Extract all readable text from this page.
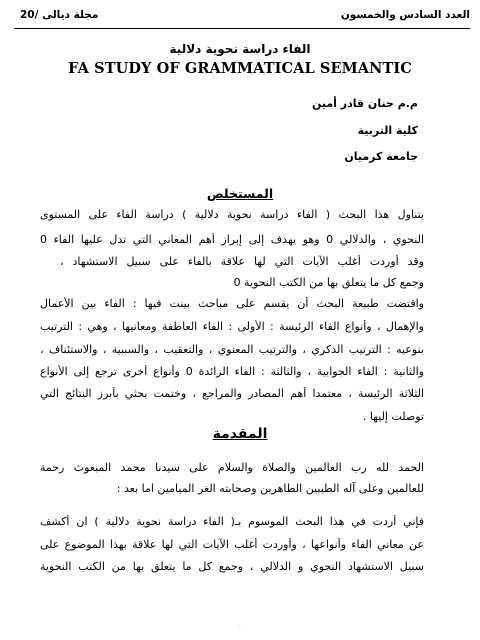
العدد السادس والخمسون
مجلة ديالى /20
الفاء دراسة نحوية دلالية
FA STUDY OF GRAMMATICAL SEMANTIC
م.م حنان قادر أمين
كلية التربية
جامعة كرميان
المستخلص
يتناول هذا البحث ( الفاء دراسة نحوية دلالية ) دراسة الفاء على المستوى
النحوي ، والدلالي 0 وهو يهدف إلى إبراز أهم المعاني التي تدل عليها الفاء 0
وقد أوردت أغلب الآيات التي لها علاقة بالفاء على سبيل الاستشهاد ،
وجمع كل ما يتعلق بها من الكتب النحوية 0
واقتضت طبيعة البحث أن يقسم على مباحث بينت فيها : الفاء بين الأعمال
والإهمال ، وأنواع الفاء الرئيسة : الأولى : الفاء العاطفة ومعانيها ، وهي : الترتيب
بنوعيه : الترتيب الذكري ، والترتيب المعنوي ، والتعقيب ، والسببية ، والاستئناف ،
والثانية : الفاء الجوابية ، والثالثة : الفاء الزائدة 0 وأنواع أخرى ترجع إلى الأنواع
الثلاثة الرئيسة ، معتمدا أهم المصادر والمراجع ، وختمت بحثي بأبرز النتائج التي
توصلت إليها .
المقدمة
الحمد لله رب العالمين والصلاة والسلام على سيدنا محمد المبعوث رحمة
للعالمين وعلى آله الطيبين الطاهرين وصحابته الغر الميامين اما بعد :
فإني أردت في هذا البحث الموسوم بـ( الفاء دراسة نحوية دلالية ) ان أكشف
عن معاني الفاء وأنواعها ، وأوردت أغلب الآيات التي لها علاقة بهذا الموضوع على
سبيل الاستشهاد النحوي و الدلالي ، وجمع كل ما يتعلق بها من الكتب النحوية
·
